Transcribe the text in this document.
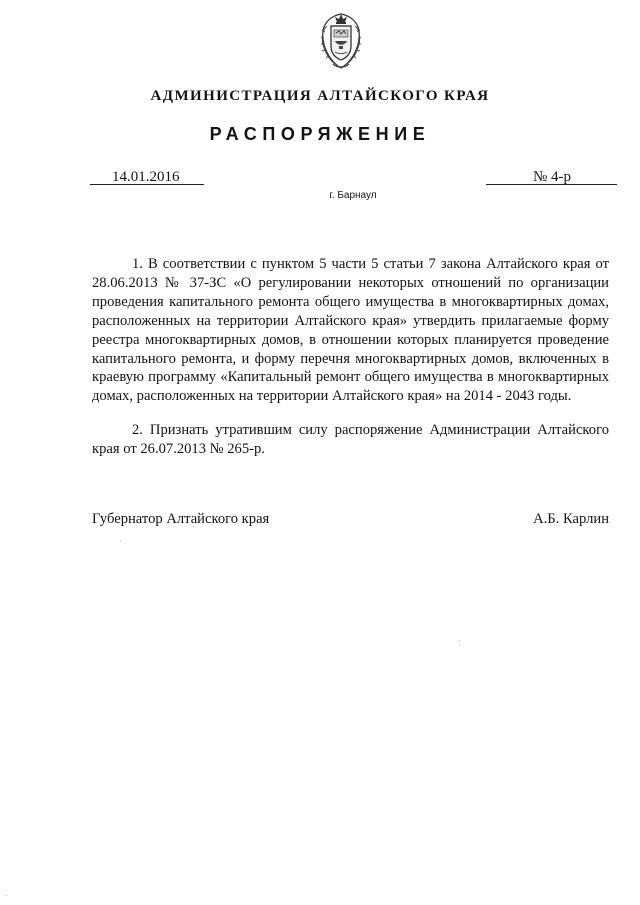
АДМИНИСТРАЦИЯ АЛТАЙСКОГО КРАЯ
РАСПОРЯЖЕНИЕ
14.01.2016	№ 4-р
г. Барнаул
1. В соответствии с пунктом 5 части 5 статьи 7 закона Алтайского края от 28.06.2013 № 37-ЗС «О регулировании некоторых отношений по организации проведения капитального ремонта общего имущества в многоквартирных домах, расположенных на территории Алтайского края» утвердить прилагаемые форму реестра многоквартирных домов, в отношении которых планируется проведение капитального ремонта, и форму перечня многоквартирных домов, включенных в краевую программу «Капитальный ремонт общего имущества в многоквартирных домах, расположенных на территории Алтайского края» на 2014 - 2043 годы.
2. Признать утратившим силу распоряжение Администрации Алтайского края от 26.07.2013 № 265-р.
Губернатор Алтайского края	А.Б. Карлин
